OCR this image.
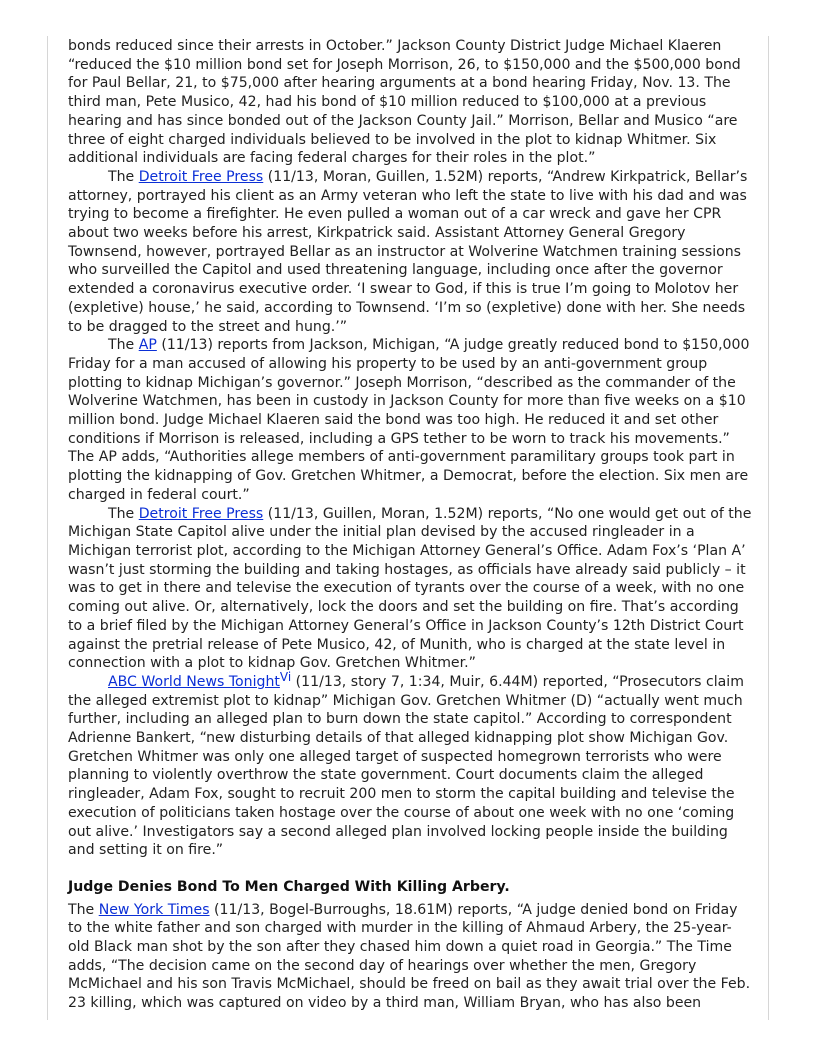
bonds reduced since their arrests in October.” Jackson County District Judge Michael Klaeren “reduced the $10 million bond set for Joseph Morrison, 26, to $150,000 and the $500,000 bond for Paul Bellar, 21, to $75,000 after hearing arguments at a bond hearing Friday, Nov. 13. The third man, Pete Musico, 42, had his bond of $10 million reduced to $100,000 at a previous hearing and has since bonded out of the Jackson County Jail.” Morrison, Bellar and Musico “are three of eight charged individuals believed to be involved in the plot to kidnap Whitmer. Six additional individuals are facing federal charges for their roles in the plot.”

The Detroit Free Press (11/13, Moran, Guillen, 1.52M) reports, “Andrew Kirkpatrick, Bellar’s attorney, portrayed his client as an Army veteran who left the state to live with his dad and was trying to become a firefighter. He even pulled a woman out of a car wreck and gave her CPR about two weeks before his arrest, Kirkpatrick said. Assistant Attorney General Gregory Townsend, however, portrayed Bellar as an instructor at Wolverine Watchmen training sessions who surveilled the Capitol and used threatening language, including once after the governor extended a coronavirus executive order. ‘I swear to God, if this is true I’m going to Molotov her (expletive) house,’ he said, according to Townsend. ‘I’m so (expletive) done with her. She needs to be dragged to the street and hung.’”

The AP (11/13) reports from Jackson, Michigan, “A judge greatly reduced bond to $150,000 Friday for a man accused of allowing his property to be used by an anti-government group plotting to kidnap Michigan’s governor.” Joseph Morrison, “described as the commander of the Wolverine Watchmen, has been in custody in Jackson County for more than five weeks on a $10 million bond. Judge Michael Klaeren said the bond was too high. He reduced it and set other conditions if Morrison is released, including a GPS tether to be worn to track his movements.” The AP adds, “Authorities allege members of anti-government paramilitary groups took part in plotting the kidnapping of Gov. Gretchen Whitmer, a Democrat, before the election. Six men are charged in federal court.”

The Detroit Free Press (11/13, Guillen, Moran, 1.52M) reports, “No one would get out of the Michigan State Capitol alive under the initial plan devised by the accused ringleader in a Michigan terrorist plot, according to the Michigan Attorney General’s Office. Adam Fox’s ‘Plan A’ wasn’t just storming the building and taking hostages, as officials have already said publicly – it was to get in there and televise the execution of tyrants over the course of a week, with no one coming out alive. Or, alternatively, lock the doors and set the building on fire. That’s according to a brief filed by the Michigan Attorney General’s Office in Jackson County’s 12th District Court against the pretrial release of Pete Musico, 42, of Munith, who is charged at the state level in connection with a plot to kidnap Gov. Gretchen Whitmer.”

ABC World News Tonight$^{Vi}$ (11/13, story 7, 1:34, Muir, 6.44M) reported, “Prosecutors claim the alleged extremist plot to kidnap” Michigan Gov. Gretchen Whitmer (D) “actually went much further, including an alleged plan to burn down the state capitol.” According to correspondent Adrienne Bankert, “new disturbing details of that alleged kidnapping plot show Michigan Gov. Gretchen Whitmer was only one alleged target of suspected homegrown terrorists who were planning to violently overthrow the state government. Court documents claim the alleged ringleader, Adam Fox, sought to recruit 200 men to storm the capital building and televise the execution of politicians taken hostage over the course of about one week with no one ‘coming out alive.’ Investigators say a second alleged plan involved locking people inside the building and setting it on fire.”

Judge Denies Bond To Men Charged With Killing Arbery.

The New York Times (11/13, Bogel-Burroughs, 18.61M) reports, “A judge denied bond on Friday to the white father and son charged with murder in the killing of Ahmaud Arbery, the 25-year-old Black man shot by the son after they chased him down a quiet road in Georgia.” The Time adds, “The decision came on the second day of hearings over whether the men, Gregory McMichael and his son Travis McMichael, should be freed on bail as they await trial over the Feb. 23 killing, which was captured on video by a third man, William Bryan, who has also been
